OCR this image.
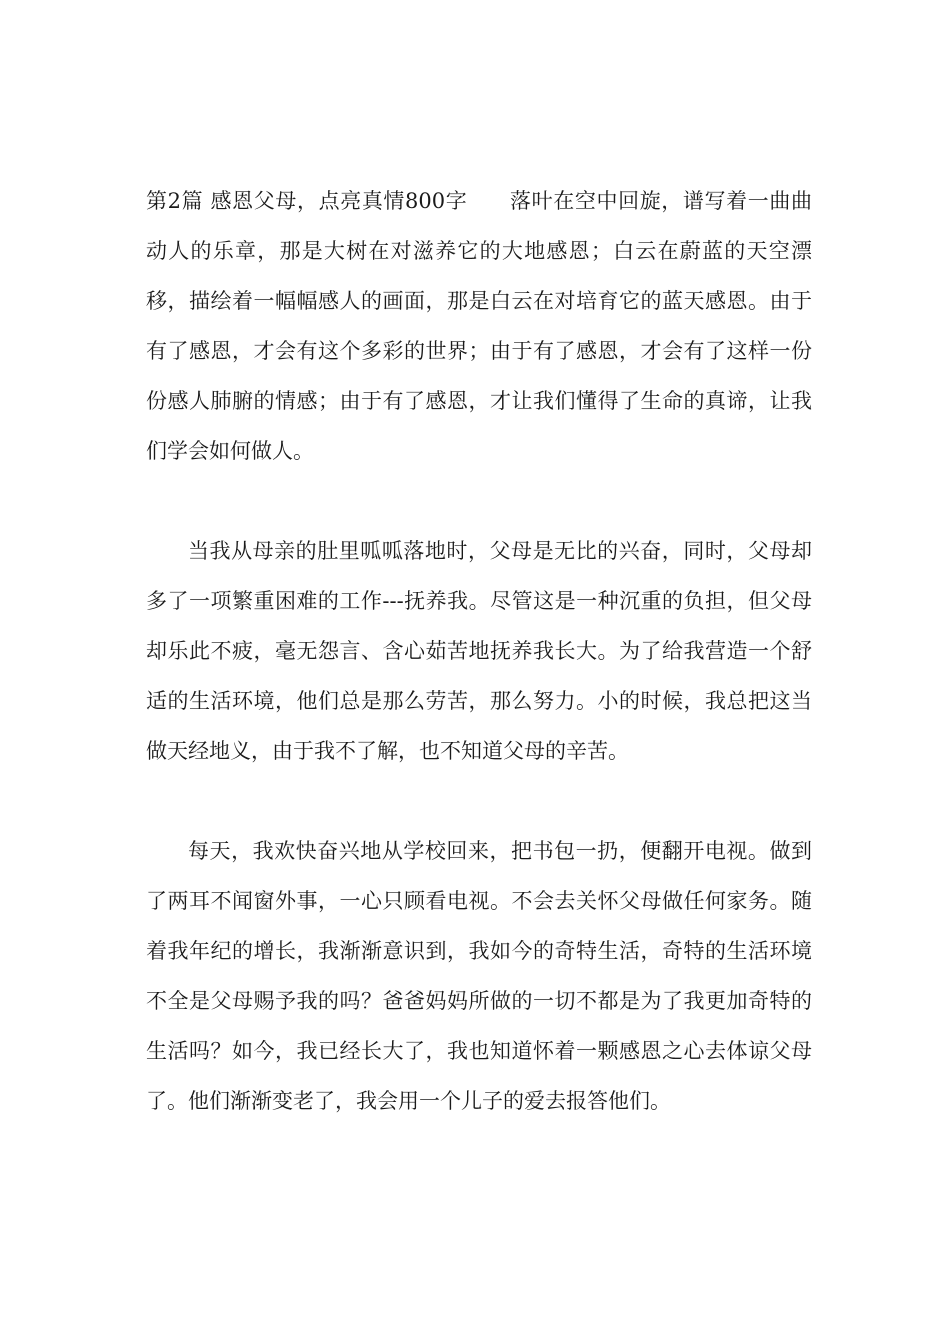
第2篇 感恩父母，点亮真情800字   落叶在空中回旋，谱写着一曲曲动人的乐章，那是大树在对滋养它的大地感恩；白云在蔚蓝的天空漂移，描绘着一幅幅感人的画面，那是白云在对培育它的蓝天感恩。由于有了感恩，才会有这个多彩的世界；由于有了感恩，才会有了这样一份份感人肺腑的情感；由于有了感恩，才让我们懂得了生命的真谛，让我们学会如何做人。

当我从母亲的肚里呱呱落地时，父母是无比的兴奋，同时，父母却多了一项繁重困难的工作---抚养我。尽管这是一种沉重的负担，但父母却乐此不疲，毫无怨言、含心茹苦地抚养我长大。为了给我营造一个舒适的生活环境，他们总是那么劳苦，那么努力。小的时候，我总把这当做天经地义，由于我不了解，也不知道父母的辛苦。

每天，我欢快奋兴地从学校回来，把书包一扔，便翻开电视。做到了两耳不闻窗外事，一心只顾看电视。不会去关怀父母做任何家务。随着我年纪的增长，我渐渐意识到，我如今的奇特生活，奇特的生活环境不全是父母赐予我的吗？爸爸妈妈所做的一切不都是为了我更加奇特的生活吗？如今，我已经长大了，我也知道怀着一颗感恩之心去体谅父母了。他们渐渐变老了，我会用一个儿子的爱去报答他们。
